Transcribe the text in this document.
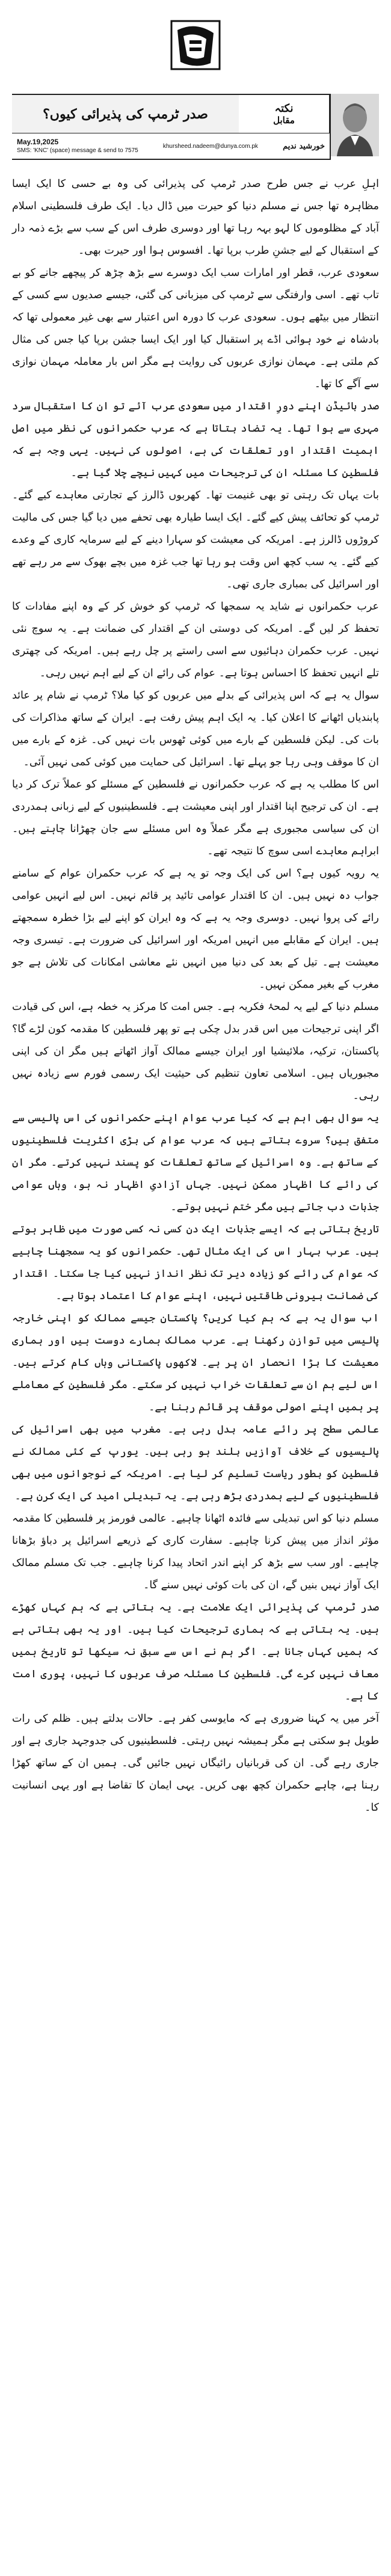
صدر ٹرمپ کی پذیرائی کیوں؟	نکتہ
مقابل
May.19,2025
SMS: 'KNC' (space) message & send to 7575
khursheed.nadeem@dunya.com.pk	خورشید ندیم

اہلِ عرب نے جس طرح صدر ٹرمپ کی پذیرائی کی وہ بے حسی کا ایک ایسا مظاہرہ تھا جس نے مسلم دنیا کو حیرت میں ڈال دیا۔ ایک طرف فلسطینی اسلام آباد کے مظلوموں کا لہو بہہ رہا تھا اور دوسری طرف اس کے سب سے بڑے ذمہ دار کے استقبال کے لیے جشنِ طرب برپا تھا۔ افسوس ہوا اور حیرت بھی۔

سعودی عرب، قطر اور امارات سب ایک دوسرے سے بڑھ چڑھ کر پیچھے جانے کو بے تاب تھے۔ اسی وارفتگی سے ٹرمپ کی میزبانی کی گئی، جیسے صدیوں سے کسی کے انتظار میں بیٹھے ہوں۔ سعودی عرب کا دورہ اس اعتبار سے بھی غیر معمولی تھا کہ بادشاہ نے خود ہوائی اڈے پر استقبال کیا اور ایک ایسا جشن برپا کیا جس کی مثال کم ملتی ہے۔ مہمان نوازی عربوں کی روایت ہے مگر اس بار معاملہ مہمان نوازی سے آگے کا تھا۔

صدر بائیڈن اپنے دورِ اقتدار میں سعودی عرب آئے تو ان کا استقبال سرد مہری سے ہوا تھا۔ یہ تضاد بتاتا ہے کہ عرب حکمرانوں کی نظر میں اصل اہمیت اقتدار اور تعلقات کی ہے، اصولوں کی نہیں۔ یہی وجہ ہے کہ فلسطین کا مسئلہ ان کی ترجیحات میں کہیں نیچے چلا گیا ہے۔

بات یہاں تک رہتی تو بھی غنیمت تھا۔ کھربوں ڈالرز کے تجارتی معاہدے کیے گئے۔ ٹرمپ کو تحائف پیش کیے گئے۔ ایک ایسا طیارہ بھی تحفے میں دیا گیا جس کی مالیت کروڑوں ڈالرز ہے۔ امریکہ کی معیشت کو سہارا دینے کے لیے سرمایہ کاری کے وعدے کیے گئے۔ یہ سب کچھ اس وقت ہو رہا تھا جب غزہ میں بچے بھوک سے مر رہے تھے اور اسرائیل کی بمباری جاری تھی۔

عرب حکمرانوں نے شاید یہ سمجھا کہ ٹرمپ کو خوش کر کے وہ اپنے مفادات کا تحفظ کر لیں گے۔ امریکہ کی دوستی ان کے اقتدار کی ضمانت ہے۔ یہ سوچ نئی نہیں۔ عرب حکمران دہائیوں سے اسی راستے پر چل رہے ہیں۔ امریکہ کی چھتری تلے انہیں تحفظ کا احساس ہوتا ہے۔ عوام کی رائے ان کے لیے اہم نہیں رہی۔

سوال یہ ہے کہ اس پذیرائی کے بدلے میں عربوں کو کیا ملا؟ ٹرمپ نے شام پر عائد پابندیاں اٹھانے کا اعلان کیا۔ یہ ایک اہم پیش رفت ہے۔ ایران کے ساتھ مذاکرات کی بات کی۔ لیکن فلسطین کے بارے میں کوئی ٹھوس بات نہیں کی۔ غزہ کے بارے میں ان کا موقف وہی رہا جو پہلے تھا۔ اسرائیل کی حمایت میں کوئی کمی نہیں آئی۔

اس کا مطلب یہ ہے کہ عرب حکمرانوں نے فلسطین کے مسئلے کو عملاً ترک کر دیا ہے۔ ان کی ترجیح اپنا اقتدار اور اپنی معیشت ہے۔ فلسطینیوں کے لیے زبانی ہمدردی ان کی سیاسی مجبوری ہے مگر عملاً وہ اس مسئلے سے جان چھڑانا چاہتے ہیں۔ ابراہم معاہدے اسی سوچ کا نتیجہ تھے۔

یہ رویہ کیوں ہے؟ اس کی ایک وجہ تو یہ ہے کہ عرب حکمران عوام کے سامنے جواب دہ نہیں ہیں۔ ان کا اقتدار عوامی تائید پر قائم نہیں۔ اس لیے انہیں عوامی رائے کی پروا نہیں۔ دوسری وجہ یہ ہے کہ وہ ایران کو اپنے لیے بڑا خطرہ سمجھتے ہیں۔ ایران کے مقابلے میں انہیں امریکہ اور اسرائیل کی ضرورت ہے۔ تیسری وجہ معیشت ہے۔ تیل کے بعد کی دنیا میں انہیں نئے معاشی امکانات کی تلاش ہے جو مغرب کے بغیر ممکن نہیں۔

مسلم دنیا کے لیے یہ لمحۂ فکریہ ہے۔ جس امت کا مرکز یہ خطہ ہے، اس کی قیادت اگر اپنی ترجیحات میں اس قدر بدل چکی ہے تو پھر فلسطین کا مقدمہ کون لڑے گا؟ پاکستان، ترکیہ، ملائیشیا اور ایران جیسے ممالک آواز اٹھاتے ہیں مگر ان کی اپنی مجبوریاں ہیں۔ اسلامی تعاون تنظیم کی حیثیت ایک رسمی فورم سے زیادہ نہیں رہی۔

یہ سوال بھی اہم ہے کہ کیا عرب عوام اپنے حکمرانوں کی اس پالیسی سے متفق ہیں؟ سروے بتاتے ہیں کہ عرب عوام کی بڑی اکثریت فلسطینیوں کے ساتھ ہے۔ وہ اسرائیل کے ساتھ تعلقات کو پسند نہیں کرتے۔ مگر ان کی رائے کا اظہار ممکن نہیں۔ جہاں آزادیِ اظہار نہ ہو، وہاں عوامی جذبات دب جاتے ہیں مگر ختم نہیں ہوتے۔

تاریخ بتاتی ہے کہ ایسے جذبات ایک دن کسی نہ کسی صورت میں ظاہر ہوتے ہیں۔ عرب بہار اس کی ایک مثال تھی۔ حکمرانوں کو یہ سمجھنا چاہیے کہ عوام کی رائے کو زیادہ دیر تک نظر انداز نہیں کیا جا سکتا۔ اقتدار کی ضمانت بیرونی طاقتیں نہیں، اپنے عوام کا اعتماد ہوتا ہے۔

اب سوال یہ ہے کہ ہم کیا کریں؟ پاکستان جیسے ممالک کو اپنی خارجہ پالیسی میں توازن رکھنا ہے۔ عرب ممالک ہمارے دوست ہیں اور ہماری معیشت کا بڑا انحصار ان پر ہے۔ لاکھوں پاکستانی وہاں کام کرتے ہیں۔ اس لیے ہم ان سے تعلقات خراب نہیں کر سکتے۔ مگر فلسطین کے معاملے پر ہمیں اپنے اصولی موقف پر قائم رہنا ہے۔

عالمی سطح پر رائے عامہ بدل رہی ہے۔ مغرب میں بھی اسرائیل کی پالیسیوں کے خلاف آوازیں بلند ہو رہی ہیں۔ یورپ کے کئی ممالک نے فلسطین کو بطور ریاست تسلیم کر لیا ہے۔ امریکہ کے نوجوانوں میں بھی فلسطینیوں کے لیے ہمدردی بڑھ رہی ہے۔ یہ تبدیلی امید کی ایک کرن ہے۔

مسلم دنیا کو اس تبدیلی سے فائدہ اٹھانا چاہیے۔ عالمی فورمز پر فلسطین کا مقدمہ مؤثر انداز میں پیش کرنا چاہیے۔ سفارت کاری کے ذریعے اسرائیل پر دباؤ بڑھانا چاہیے۔ اور سب سے بڑھ کر اپنے اندر اتحاد پیدا کرنا چاہیے۔ جب تک مسلم ممالک ایک آواز نہیں بنیں گے، ان کی بات کوئی نہیں سنے گا۔

صدر ٹرمپ کی پذیرائی ایک علامت ہے۔ یہ بتاتی ہے کہ ہم کہاں کھڑے ہیں۔ یہ بتاتی ہے کہ ہماری ترجیحات کیا ہیں۔ اور یہ بھی بتاتی ہے کہ ہمیں کہاں جانا ہے۔ اگر ہم نے اس سے سبق نہ سیکھا تو تاریخ ہمیں معاف نہیں کرے گی۔ فلسطین کا مسئلہ صرف عربوں کا نہیں، پوری امت کا ہے۔

آخر میں یہ کہنا ضروری ہے کہ مایوسی کفر ہے۔ حالات بدلتے ہیں۔ ظلم کی رات طویل ہو سکتی ہے مگر ہمیشہ نہیں رہتی۔ فلسطینیوں کی جدوجہد جاری ہے اور جاری رہے گی۔ ان کی قربانیاں رائیگاں نہیں جائیں گی۔ ہمیں ان کے ساتھ کھڑا رہنا ہے، چاہے حکمران کچھ بھی کریں۔ یہی ایمان کا تقاضا ہے اور یہی انسانیت کا۔
